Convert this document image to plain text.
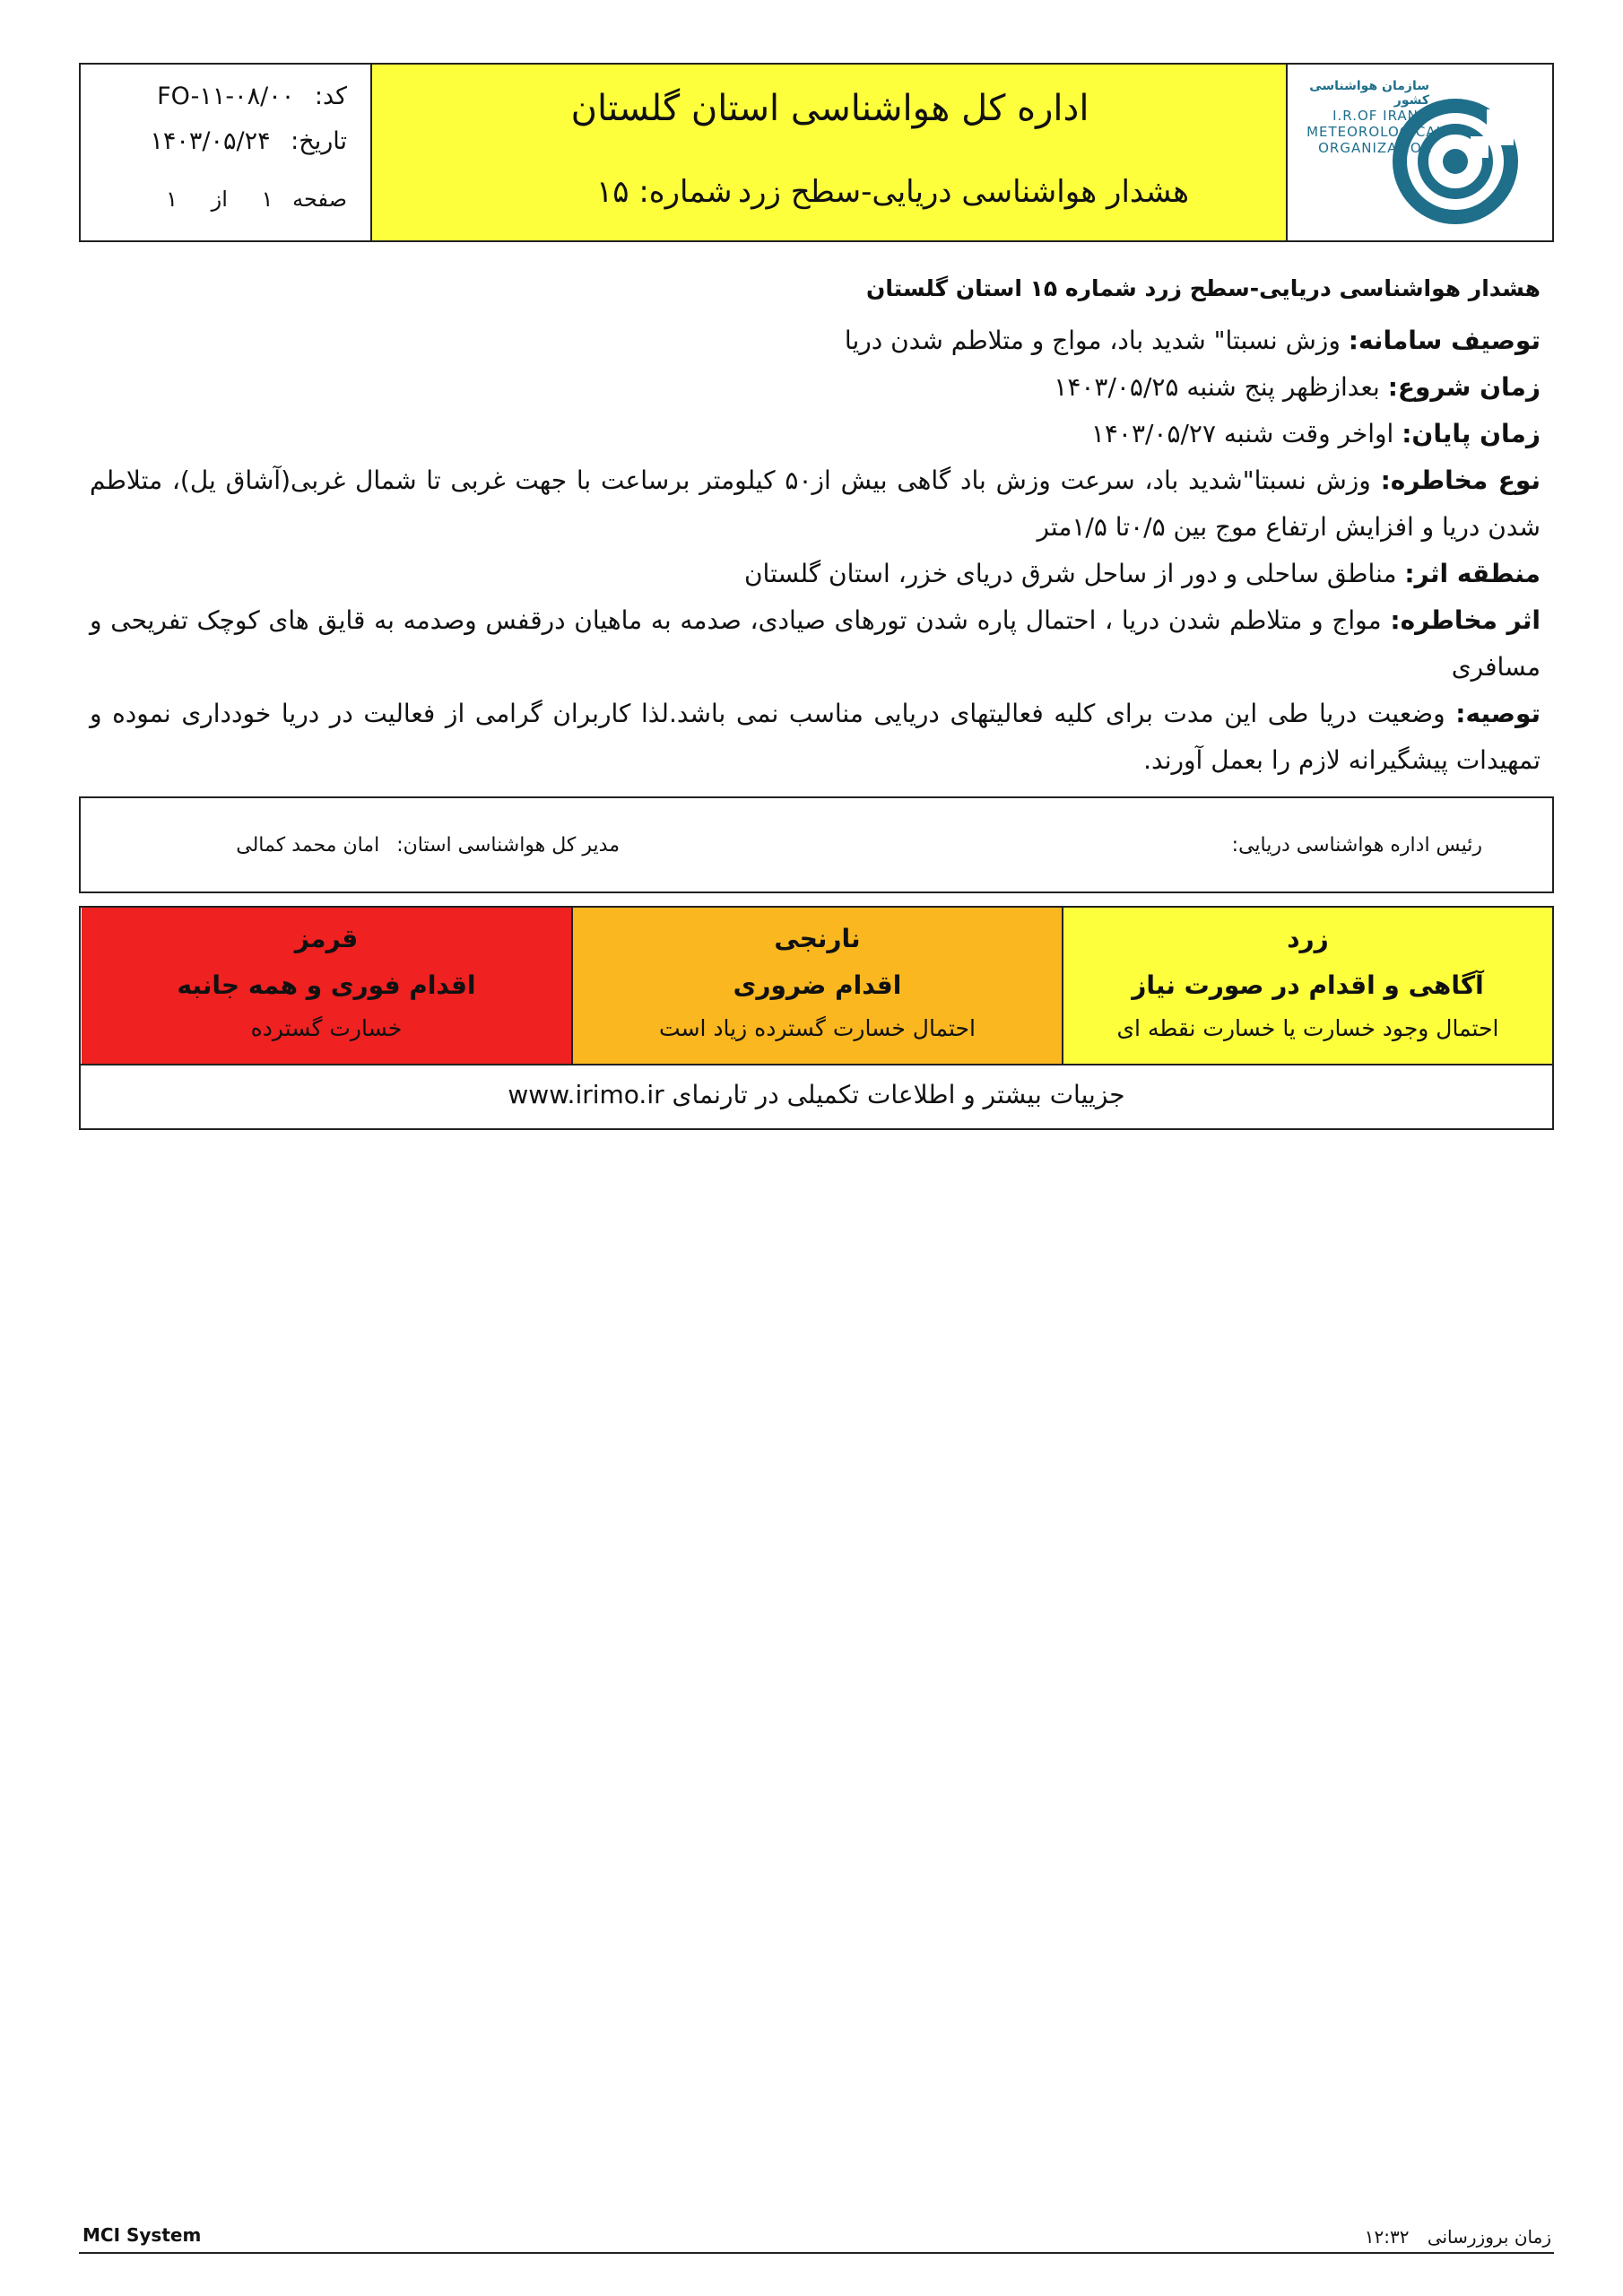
کد: FO-۱۱-۰۸/۰۰
تاریخ: ۱۴۰۳/۰۵/۲۴
صفحه ۱ از ۱
اداره کل هواشناسی استان گلستان
هشدار هواشناسی دریایی-سطح زرد
شماره: ۱۵
سازمان هواشناسی کشور
I.R.OF IRAN
METEOROLOGICAL
ORGANIZATION

هشدار هواشناسی دریایی-سطح زرد شماره ۱۵ استان گلستان

توصیف سامانه: وزش نسبتا" شدید باد، مواج و متلاطم شدن دریا

زمان شروع: بعدازظهر پنج شنبه ۱۴۰۳/۰۵/۲۵

زمان پایان: اواخر وقت شنبه ۱۴۰۳/۰۵/۲۷

نوع مخاطره: وزش نسبتا"شدید باد، سرعت وزش باد گاهی بیش از۵۰ کیلومتر برساعت با جهت غربی تا شمال غربی(آشاق یل)، متلاطم شدن دریا و افزایش ارتفاع موج بین ۰/۵تا ۱/۵متر

منطقه اثر: مناطق ساحلی و دور از ساحل شرق دریای خزر، استان گلستان

اثر مخاطره: مواج و متلاطم شدن دریا ، احتمال پاره شدن تورهای صیادی، صدمه به ماهیان درقفس وصدمه به قایق های کوچک تفریحی و مسافری

توصیه: وضعیت دریا طی این مدت برای کلیه فعالیتهای دریایی مناسب نمی باشد.لذا کاربران گرامی از فعالیت در دریا خودداری نموده و تمهیدات پیشگیرانه لازم را بعمل آورند.

رئیس اداره هواشناسی دریایی:
مدیر کل هواشناسی استان: امان محمد کمالی
زرد
آگاهی و اقدام در صورت نیاز
احتمال وجود خسارت یا خسارت نقطه ای
نارنجی
اقدام ضروری
احتمال خسارت گسترده زیاد است
قرمز
اقدام فوری و همه جانبه
خسارت گسترده
جزییات بیشتر و اطلاعات تکمیلی در تارنمای www.irimo.ir
MCI System	زمان بروزرسانی ۱۲:۳۲
